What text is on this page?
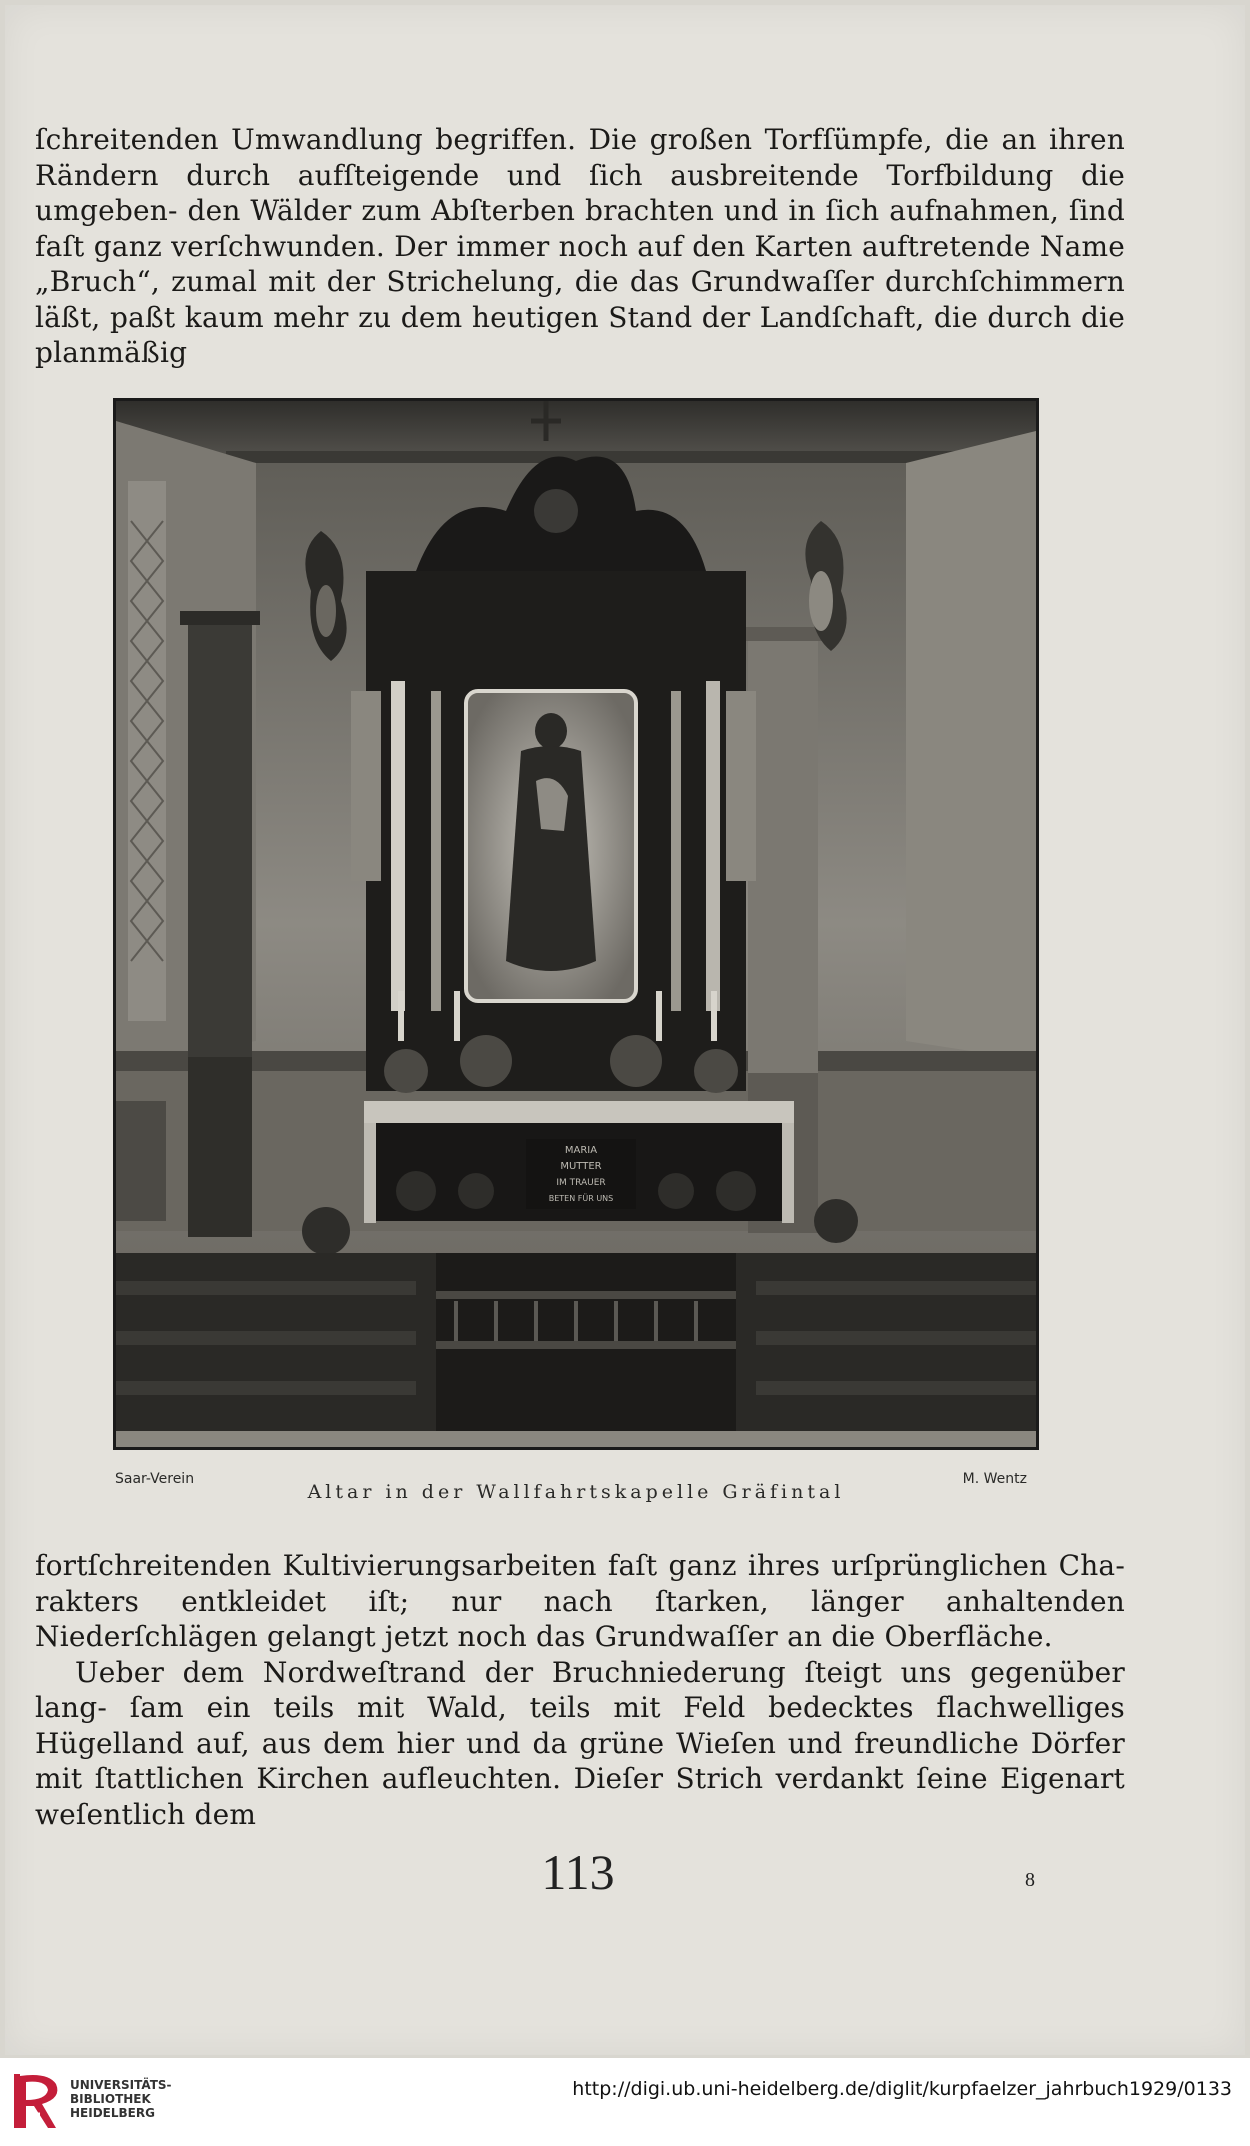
ſchreitenden Umwandlung begriffen. Die großen Torfſümpfe, die an ihren Rändern durch aufſteigende und ſich ausbreitende Torfbildung die umgeben- den Wälder zum Abſterben brachten und in ſich aufnahmen, ſind faſt ganz verſchwunden. Der immer noch auf den Karten auftretende Name „Bruch“, zumal mit der Strichelung, die das Grundwaſſer durchſchimmern läßt, paßt kaum mehr zu dem heutigen Stand der Landſchaft, die durch die planmäßig

MARIA
MUTTER
IM TRAUER
BETEN FÜR UNS
Saar-Verein	M. Wentz
Altar in der Wallfahrtskapelle Gräfintal

fortſchreitenden Kultivierungsarbeiten faſt ganz ihres urſprünglichen Cha- rakters entkleidet iſt; nur nach ſtarken, länger anhaltenden Niederſchlägen gelangt jetzt noch das Grundwaſſer an die Oberfläche.

Ueber dem Nordweſtrand der Bruchniederung ſteigt uns gegenüber lang- ſam ein teils mit Wald, teils mit Feld bedecktes flachwelliges Hügelland auf, aus dem hier und da grüne Wieſen und freundliche Dörfer mit ſtattlichen Kirchen aufleuchten. Dieſer Strich verdankt ſeine Eigenart weſentlich dem

113	8
UNIVERSITÄTS-
BIBLIOTHEK
HEIDELBERG
http://digi.ub.uni-heidelberg.de/diglit/kurpfaelzer_jahrbuch1929/0133
